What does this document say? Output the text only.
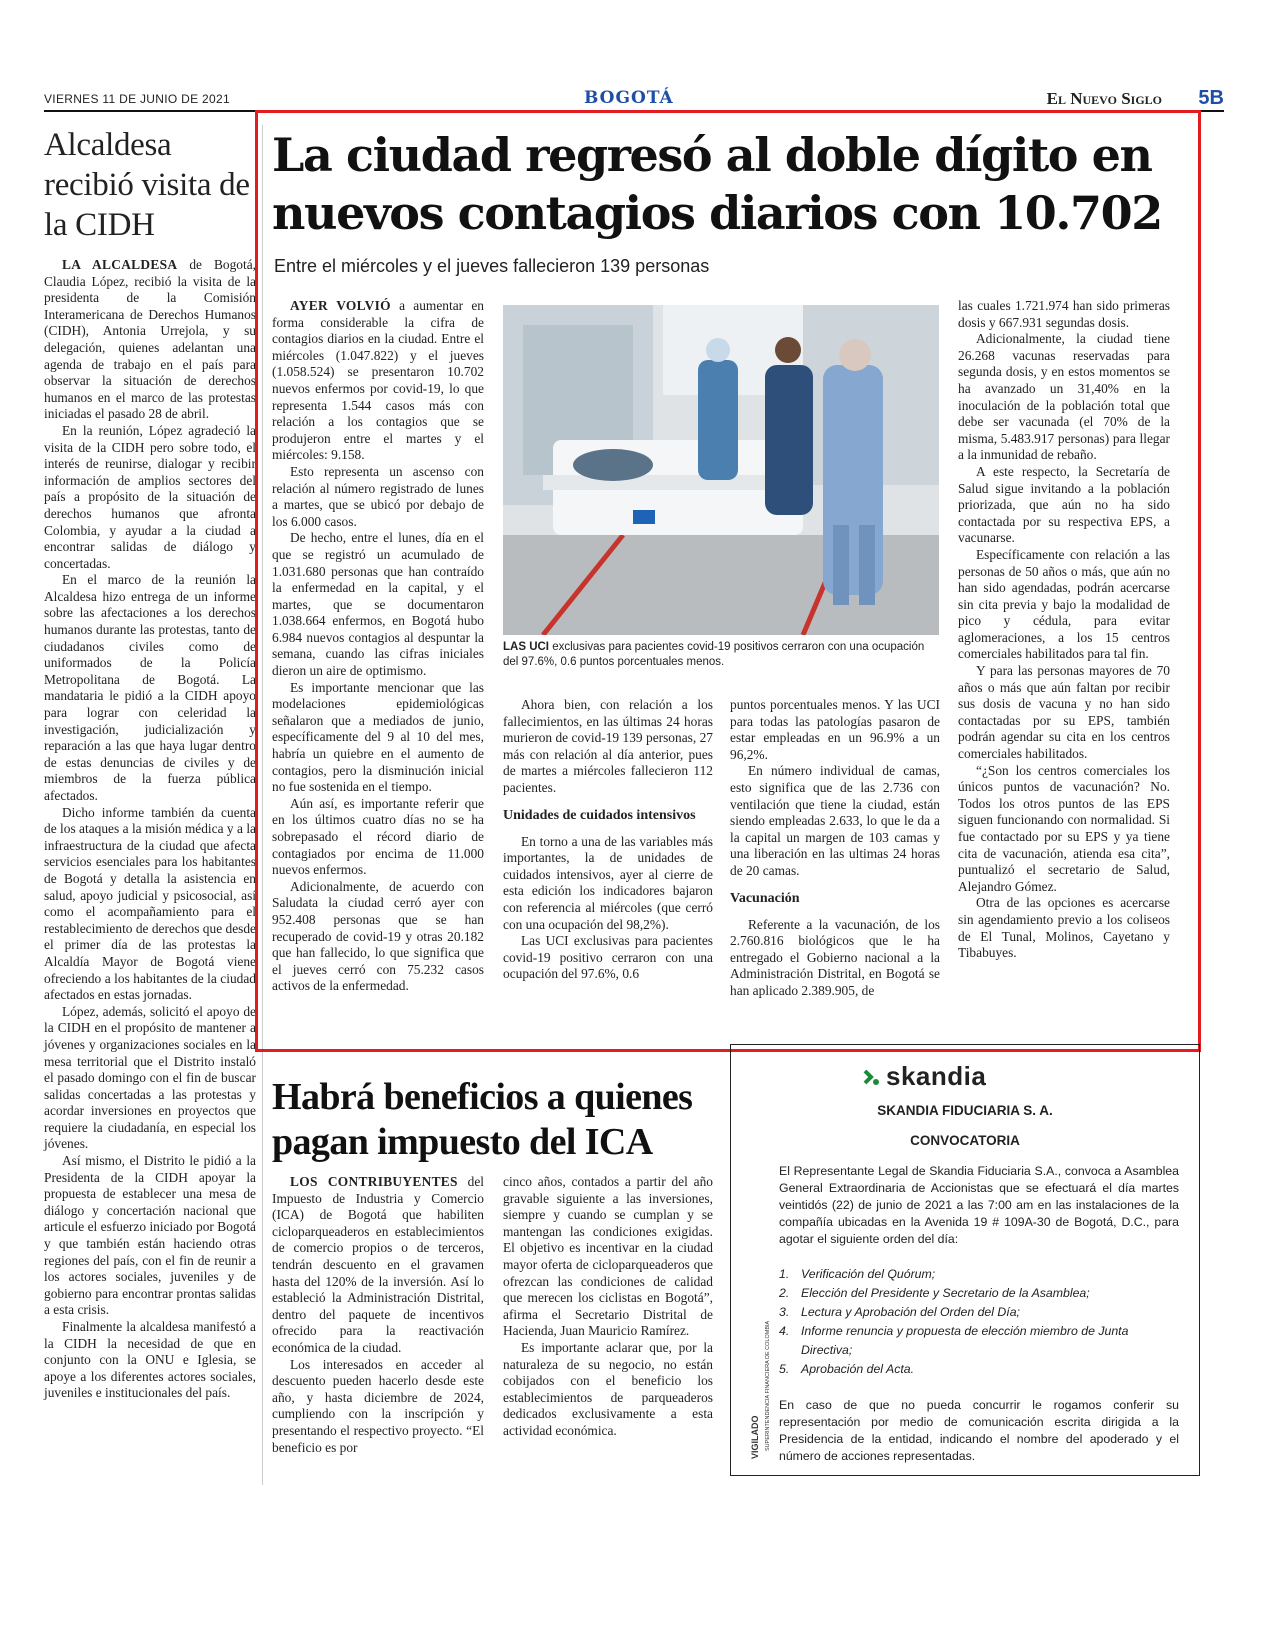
VIERNES 11 DE JUNIO DE 2021	BOGOTÁ	El Nuevo Siglo 5B
Alcaldesa recibió visita de la CIDH

LA ALCALDESA de Bogotá, Claudia López, recibió la visita de la presidenta de la Comisión Interamericana de Derechos Humanos (CIDH), Antonia Urrejola, y su delegación, quienes adelantan una agenda de trabajo en el país para observar la situación de derechos humanos en el marco de las protestas iniciadas el pasado 28 de abril.

En la reunión, López agradeció la visita de la CIDH pero sobre todo, el interés de reunirse, dialogar y recibir información de amplios sectores del país a propósito de la situación de derechos humanos que afronta Colombia, y ayudar a la ciudad a encontrar salidas de diálogo y concertadas.

En el marco de la reunión la Alcaldesa hizo entrega de un informe sobre las afectaciones a los derechos humanos durante las protestas, tanto de ciudadanos civiles como de uniformados de la Policía Metropolitana de Bogotá. La mandataria le pidió a la CIDH apoyo para lograr con celeridad la investigación, judicialización y reparación a las que haya lugar dentro de estas denuncias de civiles y de miembros de la fuerza pública afectados.

Dicho informe también da cuenta de los ataques a la misión médica y a la infraestructura de la ciudad que afecta servicios esenciales para los habitantes de Bogotá y detalla la asistencia en salud, apoyo judicial y psicosocial, así como el acompañamiento para el restablecimiento de derechos que desde el primer día de las protestas la Alcaldía Mayor de Bogotá viene ofreciendo a los habitantes de la ciudad afectados en estas jornadas.

López, además, solicitó el apoyo de la CIDH en el propósito de mantener a jóvenes y organizaciones sociales en la mesa territorial que el Distrito instaló el pasado domingo con el fin de buscar salidas concertadas a las protestas y acordar inversiones en proyectos que requiere la ciudadanía, en especial los jóvenes.

Así mismo, el Distrito le pidió a la Presidenta de la CIDH apoyar la propuesta de establecer una mesa de diálogo y concertación nacional que articule el esfuerzo iniciado por Bogotá y que también están haciendo otras regiones del país, con el fin de reunir a los actores sociales, juveniles y de gobierno para encontrar prontas salidas a esta crisis.

Finalmente la alcaldesa manifestó a la CIDH la necesidad de que en conjunto con la ONU e Iglesia, se apoye a los diferentes actores sociales, juveniles e institucionales del país.

La ciudad regresó al doble dígito en nuevos contagios diarios con 10.702
Entre el miércoles y el jueves fallecieron 139 personas

AYER VOLVIÓ a aumentar en forma considerable la cifra de contagios diarios en la ciudad. Entre el miércoles (1.047.822) y el jueves (1.058.524) se presentaron 10.702 nuevos enfermos por covid-19, lo que representa 1.544 casos más con relación a los contagios que se produjeron entre el martes y el miércoles: 9.158.

Esto representa un ascenso con relación al número registrado de lunes a martes, que se ubicó por debajo de los 6.000 casos.

De hecho, entre el lunes, día en el que se registró un acumulado de 1.031.680 personas que han contraído la enfermedad en la capital, y el martes, que se documentaron 1.038.664 enfermos, en Bogotá hubo 6.984 nuevos contagios al despuntar la semana, cuando las cifras iniciales dieron un aire de optimismo.

Es importante mencionar que las modelaciones epidemiológicas señalaron que a mediados de junio, específicamente del 9 al 10 del mes, habría un quiebre en el aumento de contagios, pero la disminución inicial no fue sostenida en el tiempo.

Aún así, es importante referir que en los últimos cuatro días no se ha sobrepasado el récord diario de contagiados por encima de 11.000 nuevos enfermos.

Adicionalmente, de acuerdo con Saludata la ciudad cerró ayer con 952.408 personas que se han recuperado de covid-19 y otras 20.182 que han fallecido, lo que significa que el jueves cerró con 75.232 casos activos de la enfermedad.

LAS UCI exclusivas para pacientes covid-19 positivos cerraron con una ocupación del 97.6%, 0.6 puntos porcentuales menos.

Ahora bien, con relación a los fallecimientos, en las últimas 24 horas murieron de covid-19 139 personas, 27 más con relación al día anterior, pues de martes a miércoles fallecieron 112 pacientes.

Unidades de cuidados intensivos

En torno a una de las variables más importantes, la de unidades de cuidados intensivos, ayer al cierre de esta edición los indicadores bajaron con referencia al miércoles (que cerró con una ocupación del 98,2%).

Las UCI exclusivas para pacientes covid-19 positivo cerraron con una ocupación del 97.6%, 0.6

puntos porcentuales menos. Y las UCI para todas las patologías pasaron de estar empleadas en un 96.9% a un 96,2%.

En número individual de camas, esto significa que de las 2.736 con ventilación que tiene la ciudad, están siendo empleadas 2.633, lo que le da a la capital un margen de 103 camas y una liberación en las ultimas 24 horas de 20 camas.

Vacunación

Referente a la vacunación, de los 2.760.816 biológicos que le ha entregado el Gobierno nacional a la Administración Distrital, en Bogotá se han aplicado 2.389.905, de

las cuales 1.721.974 han sido primeras dosis y 667.931 segundas dosis.

Adicionalmente, la ciudad tiene 26.268 vacunas reservadas para segunda dosis, y en estos momentos se ha avanzado un 31,40% en la inoculación de la población total que debe ser vacunada (el 70% de la misma, 5.483.917 personas) para llegar a la inmunidad de rebaño.

A este respecto, la Secretaría de Salud sigue invitando a la población priorizada, que aún no ha sido contactada por su respectiva EPS, a vacunarse.

Específicamente con relación a las personas de 50 años o más, que aún no han sido agendadas, podrán acercarse sin cita previa y bajo la modalidad de pico y cédula, para evitar aglomeraciones, a los 15 centros comerciales habilitados para tal fin.

Y para las personas mayores de 70 años o más que aún faltan por recibir sus dosis de vacuna y no han sido contactadas por su EPS, también podrán agendar su cita en los centros comerciales habilitados.

“¿Son los centros comerciales los únicos puntos de vacunación? No. Todos los otros puntos de las EPS siguen funcionando con normalidad. Si fue contactado por su EPS y ya tiene cita de vacunación, atienda esa cita”, puntualizó el secretario de Salud, Alejandro Gómez.

Otra de las opciones es acercarse sin agendamiento previo a los coliseos de El Tunal, Molinos, Cayetano y Tibabuyes.

Habrá beneficios a quienes pagan impuesto del ICA

LOS CONTRIBUYENTES del Impuesto de Industria y Comercio (ICA) de Bogotá que habiliten cicloparqueaderos en establecimientos de comercio propios o de terceros, tendrán descuento en el gravamen hasta del 120% de la inversión. Así lo estableció la Administración Distrital, dentro del paquete de incentivos ofrecido para la reactivación económica de la ciudad.

Los interesados en acceder al descuento pueden hacerlo desde este año, y hasta diciembre de 2024, cumpliendo con la inscripción y presentando el respectivo proyecto. “El beneficio es por

cinco años, contados a partir del año gravable siguiente a las inversiones, siempre y cuando se cumplan y se mantengan las condiciones exigidas. El objetivo es incentivar en la ciudad mayor oferta de cicloparqueaderos que ofrezcan las condiciones de calidad que merecen los ciclistas en Bogotá”, afirma el Secretario Distrital de Hacienda, Juan Mauricio Ramírez.

Es importante aclarar que, por la naturaleza de su negocio, no están cobijados con el beneficio los establecimientos de parqueaderos dedicados exclusivamente a esta actividad económica.

skandia
SKANDIA FIDUCIARIA S. A.
CONVOCATORIA
El Representante Legal de Skandia Fiduciaria S.A., convoca a Asamblea General Extraordinaria de Accionistas que se efectuará el día martes veintidós (22) de junio de 2021 a las 7:00 am en las instalaciones de la compañía ubicadas en la Avenida 19 # 109A-30 de Bogotá, D.C., para agotar el siguiente orden del día:
1. Verificación del Quórum;
2. Elección del Presidente y Secretario de la Asamblea;
3. Lectura y Aprobación del Orden del Día;
4. Informe renuncia y propuesta de elección miembro de Junta Directiva;
5. Aprobación del Acta.
En caso de que no pueda concurrir le rogamos conferir su representación por medio de comunicación escrita dirigida a la Presidencia de la entidad, indicando el nombre del apoderado y el número de acciones representadas.
VIGILADO SUPERINTENDENCIA FINANCIERA DE COLOMBIA
